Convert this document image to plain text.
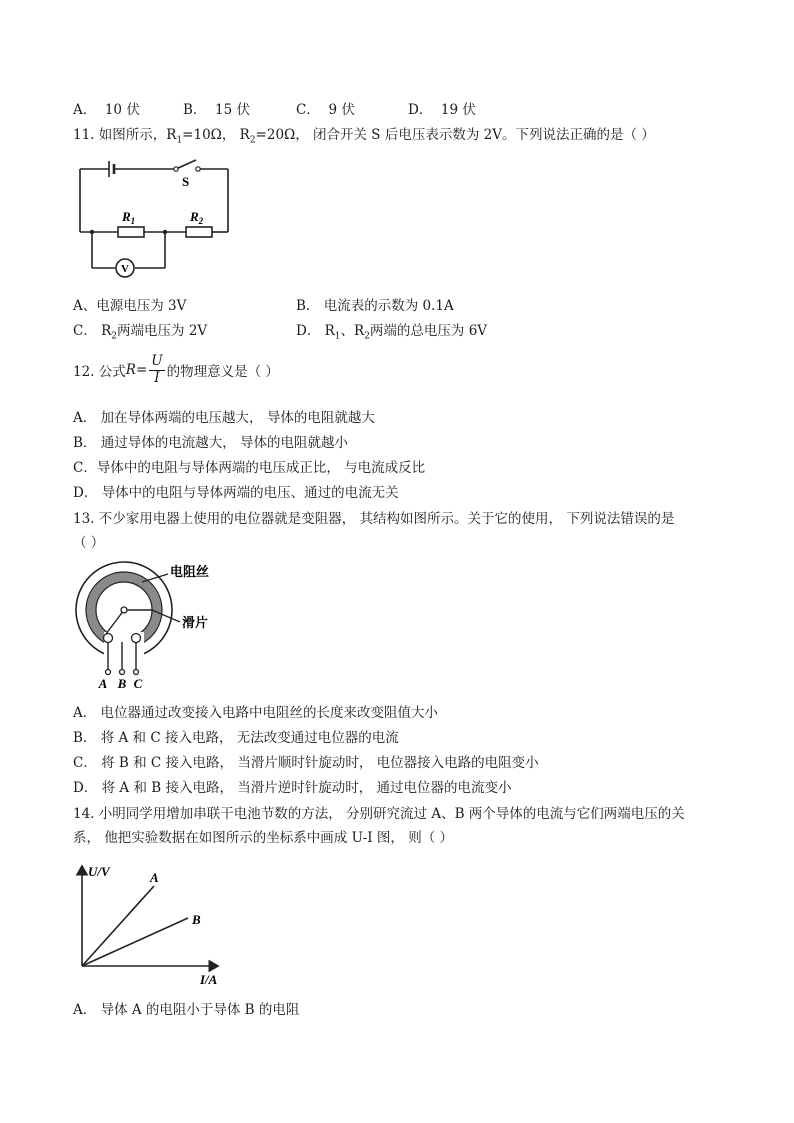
A． 10 伏	B． 15 伏	C． 9 伏	D． 19 伏
11. 如图所示，$R_1=10\Omega$， $R_2=20\Omega$， 闭合开关 S 后电压表示数为 2V。下列说法正确的是（ ）
S
$R_1$	$R_2$
V
A、电源电压为 3V	B． 电流表的示数为 0.1A
C． $R_2$两端电压为 2V	D． $R_1$、$R_2$两端的总电压为 6V
12. 公式 $R = \frac{U}{I}$ 的物理意义是（ ）
A． 加在导体两端的电压越大， 导体的电阻就越大
B． 通过导体的电流越大， 导体的电阻就越小
C．导体中的电阻与导体两端的电压成正比， 与电流成反比
D． 导体中的电阻与导体两端的电压、通过的电流无关
13. 不少家用电器上使用的电位器就是变阻器， 其结构如图所示。关于它的使用， 下列说法错误的是
（ ）
电阻丝
滑片
A B C
A． 电位器通过改变接入电路中电阻丝的长度来改变阻值大小
B． 将 A 和 C 接入电路， 无法改变通过电位器的电流
C． 将 B 和 C 接入电路， 当滑片顺时针旋动时， 电位器接入电路的电阻变小
D． 将 A 和 B 接入电路， 当滑片逆时针旋动时， 通过电位器的电流变小
14. 小明同学用增加串联干电池节数的方法， 分别研究流过 A、B 两个导体的电流与它们两端电压的关
系， 他把实验数据在如图所示的坐标系中画成 U-I 图， 则（ ）
U/V
I/A
A
B
A． 导体 A 的电阻小于导体 B 的电阻
